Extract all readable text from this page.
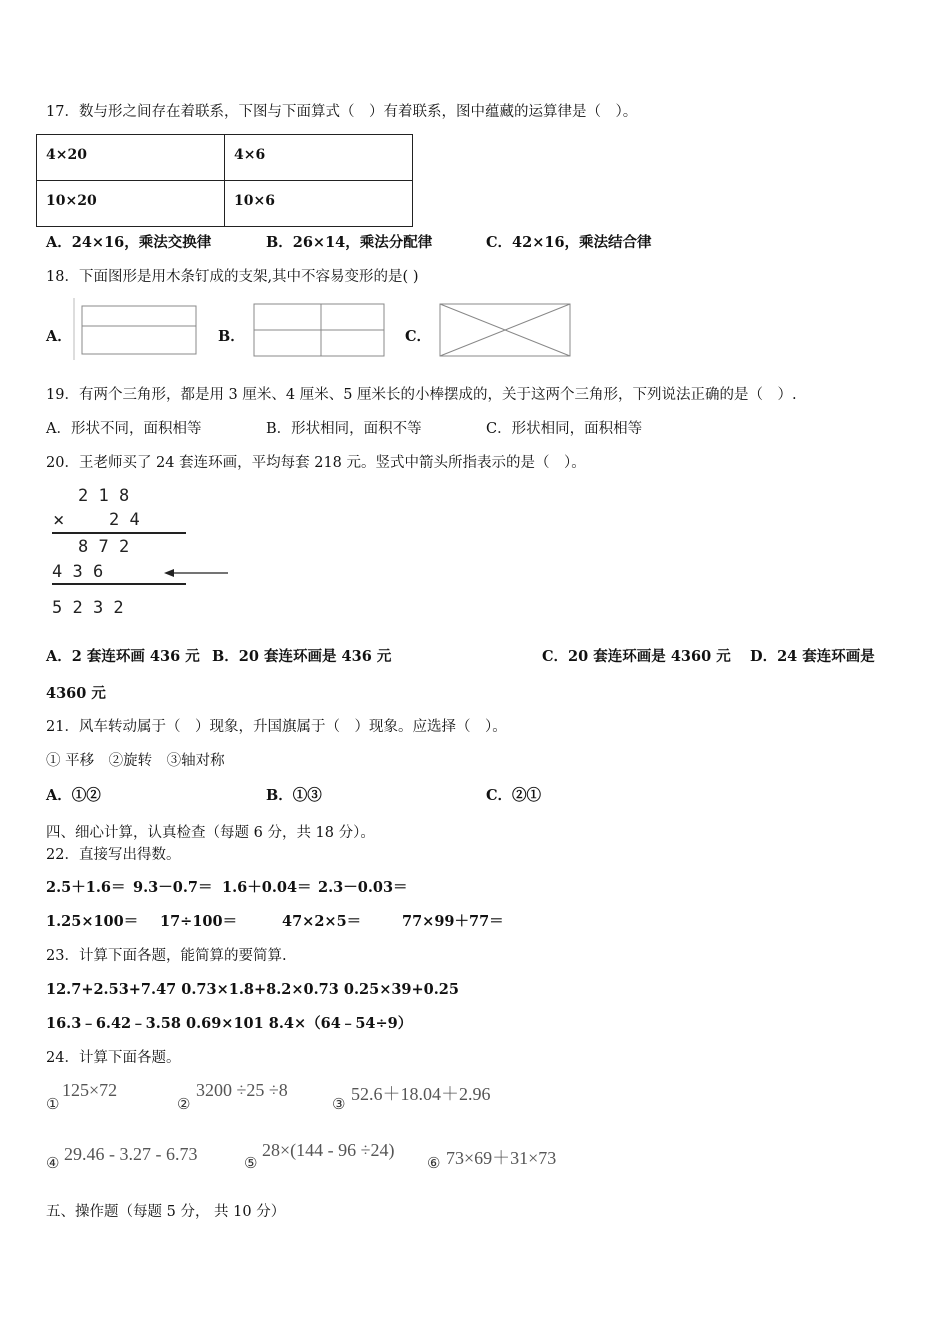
17．数与形之间存在着联系，下图与下面算式（　）有着联系，图中蕴藏的运算律是（　）。
4×20	4×6
10×20	10×6
A．24×16，乘法交换律	B．26×14，乘法分配律	C．42×16，乘法结合律
18．下面图形是用木条钉成的支架,其中不容易变形的是( )
A．	B．	C．
19．有两个三角形，都是用 3 厘米、4 厘米、5 厘米长的小棒摆成的，关于这两个三角形，下列说法正确的是（　）.
A．形状不同，面积相等	B．形状相同，面积不等	C．形状相同，面积相等
20．王老师买了 24 套连环画，平均每套 218 元。竖式中箭头所指表示的是（　）。
2 1 8
×	2 4
8 7 2
4 3 6
5 2 3 2
A．2 套连环画 436 元 B．20 套连环画是 436 元	C．20 套连环画是 4360 元 D．24 套连环画是
4360 元
21．风车转动属于（　）现象，升国旗属于（　）现象。应选择（　）。
① 平移　②旋转　③轴对称
A．①②	B．①③	C．②①
四、细心计算，认真检查（每题 6 分，共 18 分）。
22．直接写出得数。
2.5＋1.6＝ 9.3－0.7＝ 1.6＋0.04＝ 2.3－0.03＝
1.25×100＝ 17÷100＝	47×2×5＝	77×99＋77＝
23．计算下面各题，能简算的要简算.
12.7+2.53+7.47 0.73×1.8+8.2×0.73 0.25×39+0.25
16.3﹣6.42﹣3.58 0.69×101 8.4×（64﹣54÷9）
24．计算下面各题。
①
125×72
②
3200 ÷25 ÷8
③ 52.6＋18.04＋2.96
④ 29.46 - 3.27 - 6.73	⑤
28×(144 - 96 ÷24)
⑥ 73×69＋31×73
五、操作题（每题 5 分， 共 10 分）
